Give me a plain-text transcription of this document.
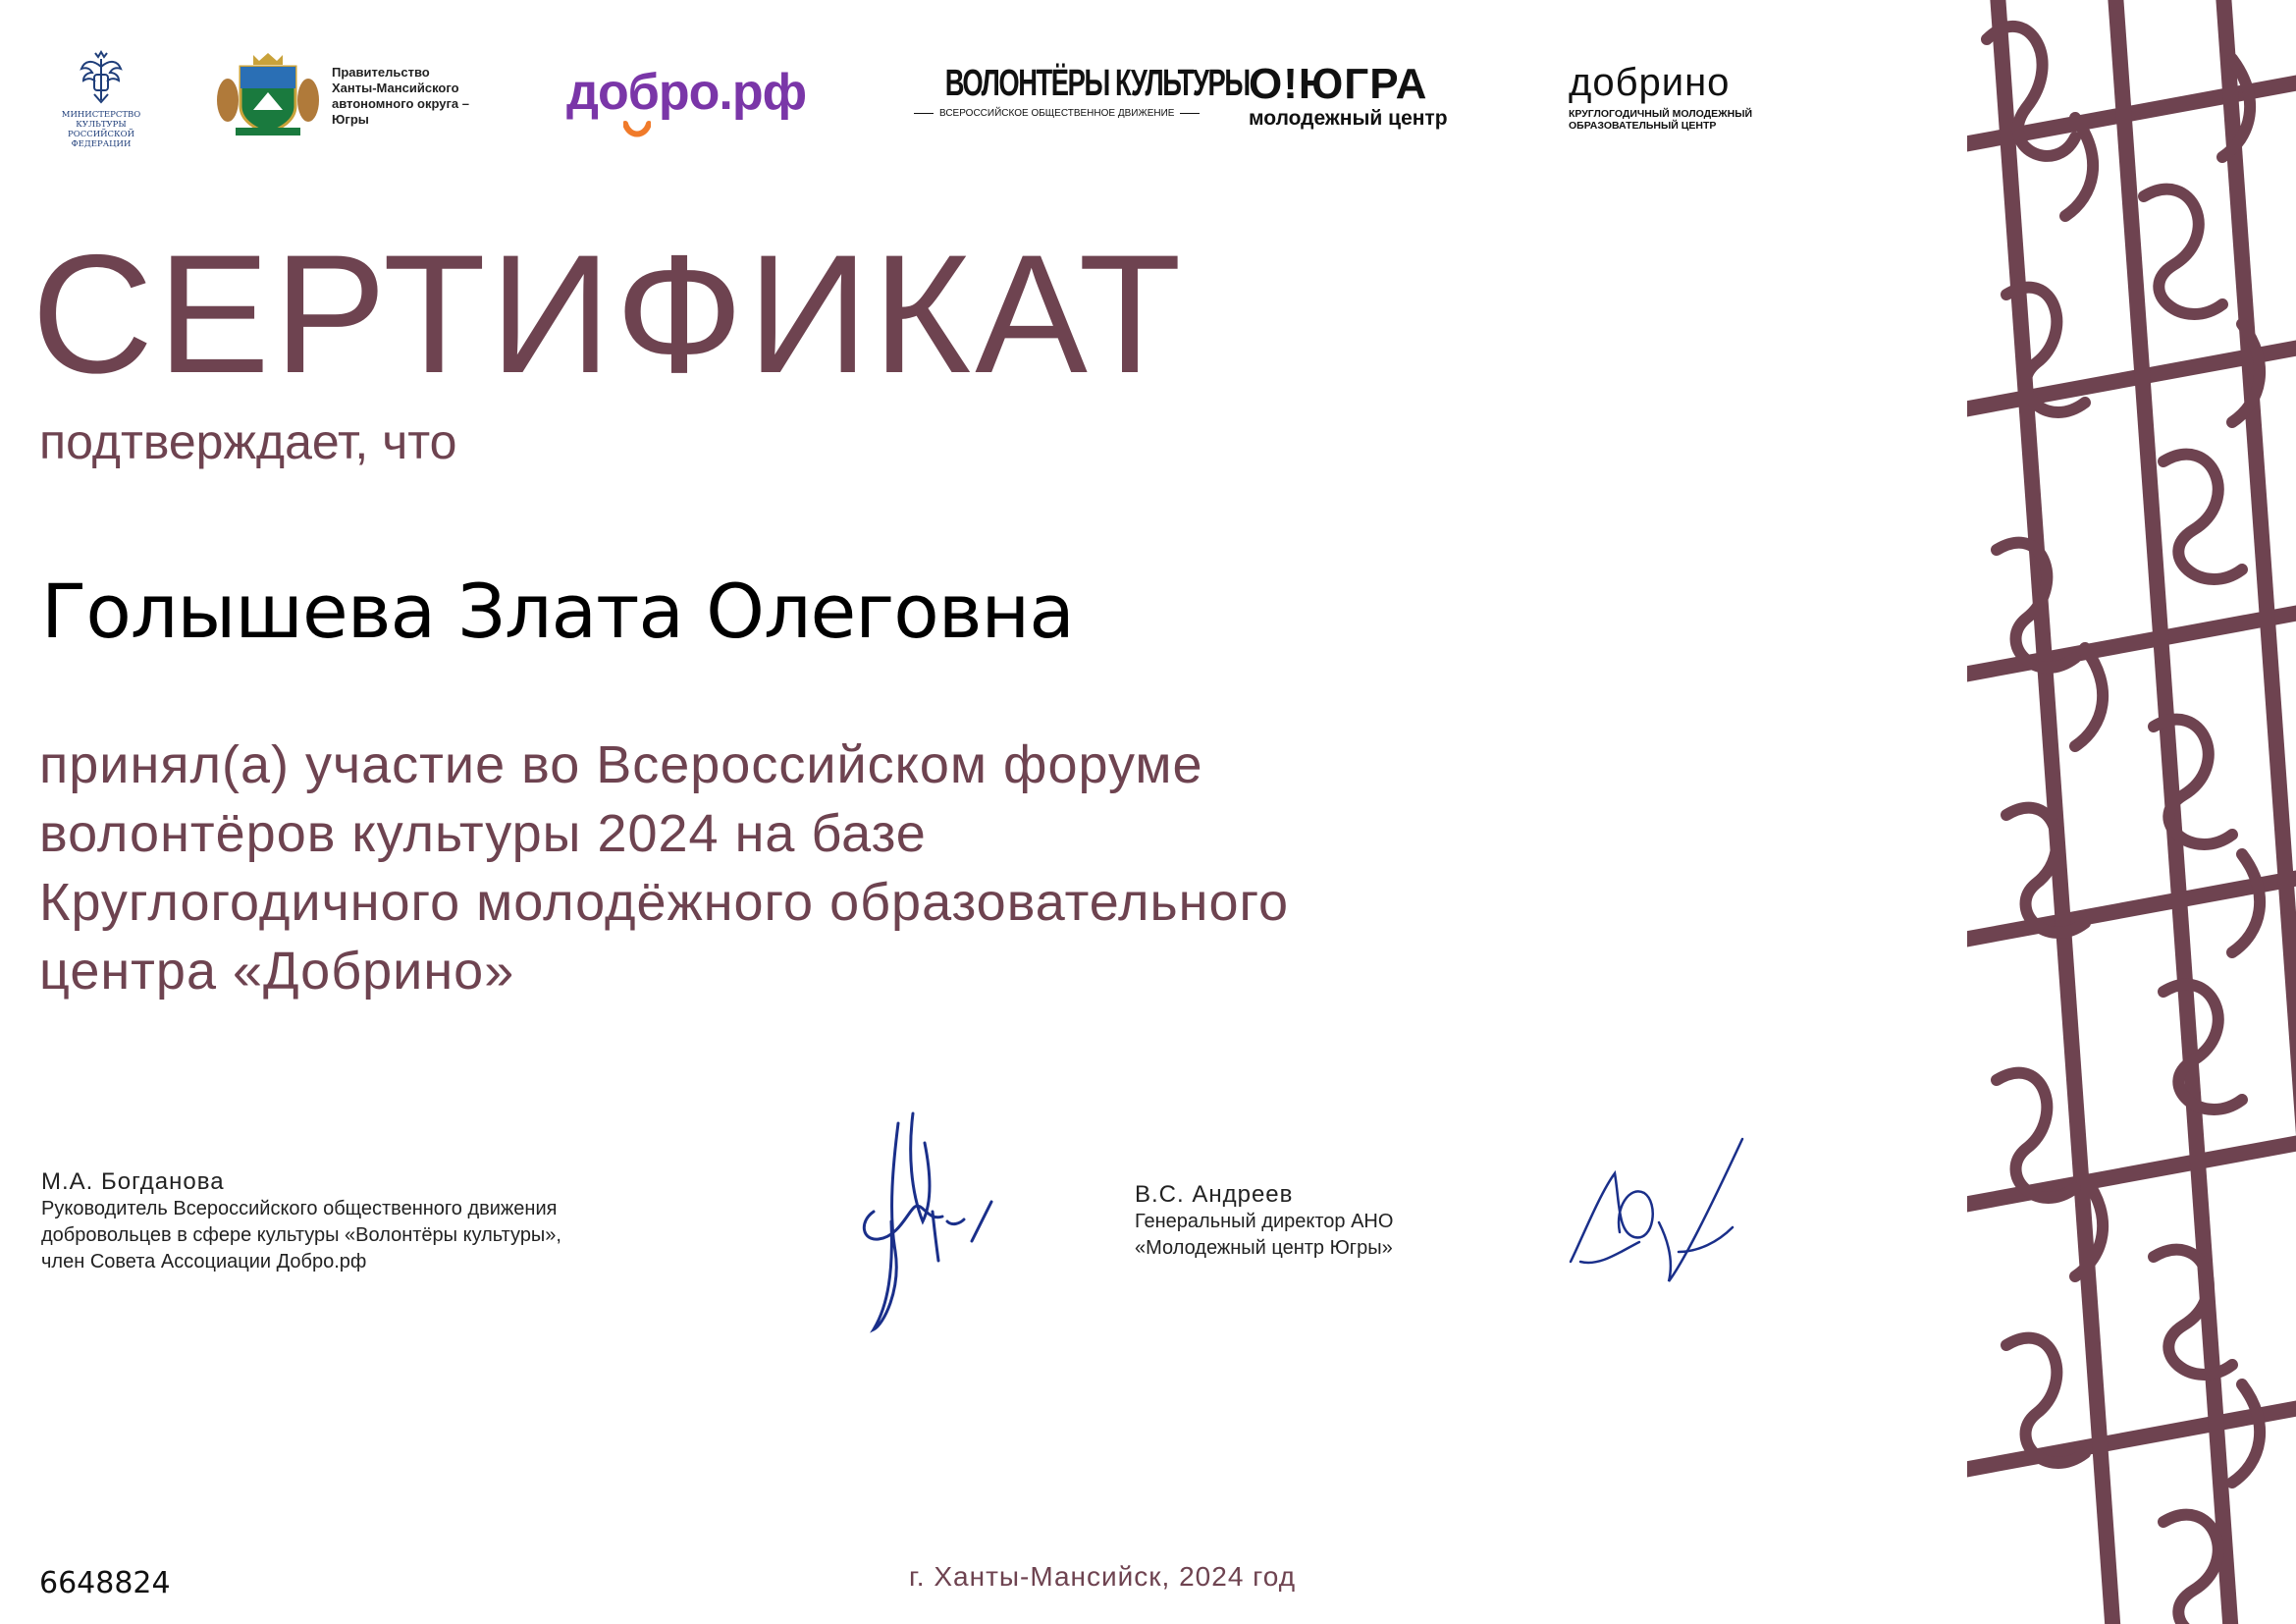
МИНИСТЕРСТВО КУЛЬТУРЫ
РОССИЙСКОЙ ФЕДЕРАЦИИ
Правительство
Ханты-Мансийского
автономного округа –
Югры	добро.рф	ВОЛОНТЁРЫ КУЛЬТУРЫ
ВСЕРОССИЙСКОЕ ОБЩЕСТВЕННОЕ ДВИЖЕНИЕ
О!ЮГРА
молодежный центр
добрино
КРУГЛОГОДИЧНЫЙ МОЛОДЕЖНЫЙ
ОБРАЗОВАТЕЛЬНЫЙ ЦЕНТР
СЕРТИФИКАТ
подтверждает, что
Голышева Злата Олеговна
принял(а) участие во Всероссийском форуме
волонтёров культуры 2024 на базе
Круглогодичного молодёжного образовательного
центра «Добрино»
М.А. Богданова
Руководитель Всероссийского общественного движения
добровольцев в сфере культуры «Волонтёры культуры»,
член Совета Ассоциации Добро.рф
В.С. Андреев
Генеральный директор АНО
«Молодежный центр Югры»
6648824	г. Ханты-Мансийск, 2024 год
